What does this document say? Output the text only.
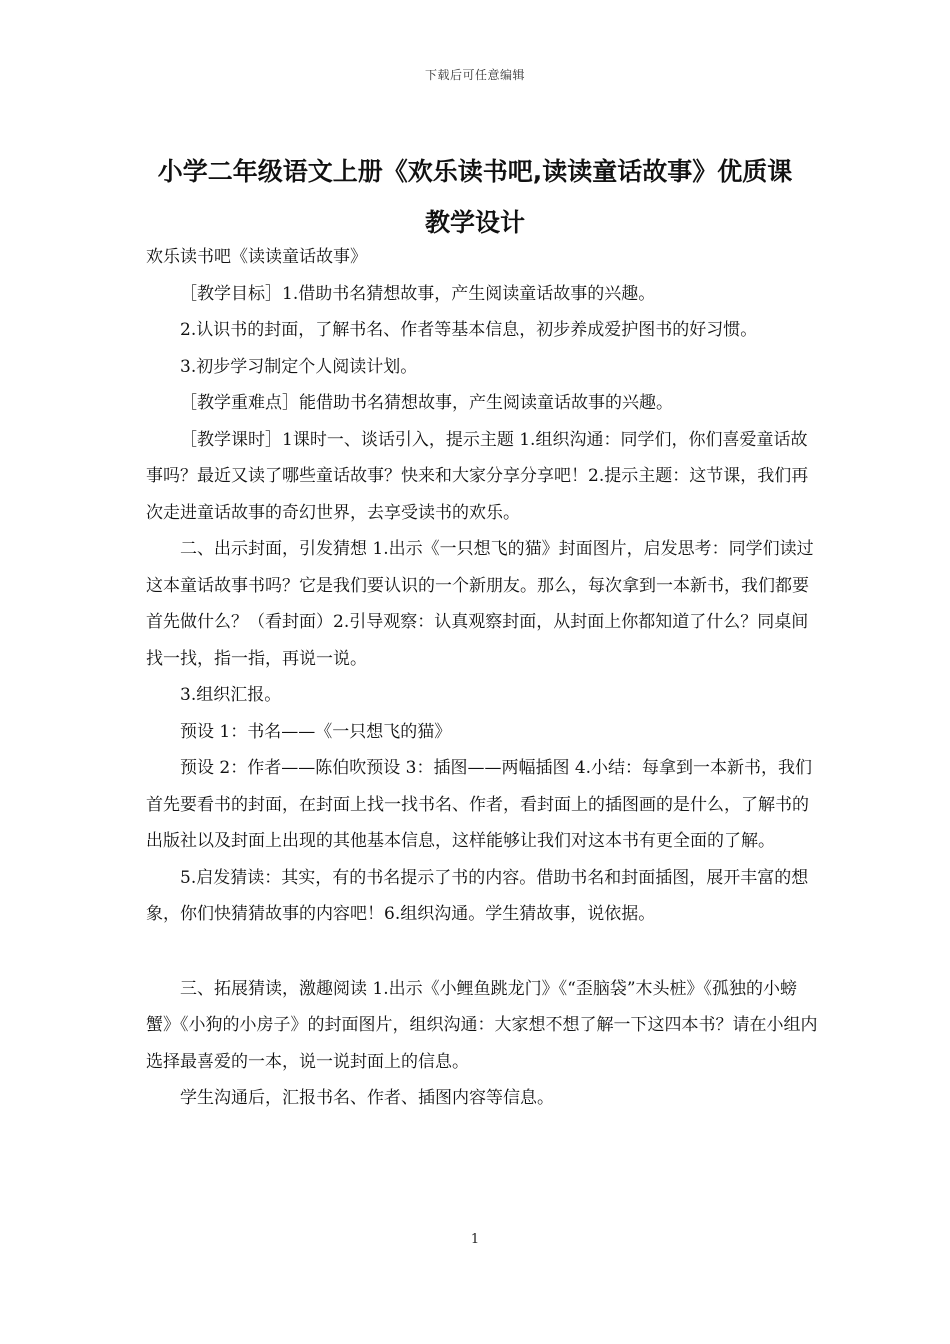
下载后可任意编辑
小学二年级语文上册《欢乐读书吧,读读童话故事》优质课
教学设计

欢乐读书吧《读读童话故事》

［教学目标］1.借助书名猜想故事，产生阅读童话故事的兴趣。

2.认识书的封面，了解书名、作者等基本信息，初步养成爱护图书的好习惯。

3.初步学习制定个人阅读计划。

［教学重难点］能借助书名猜想故事，产生阅读童话故事的兴趣。

［教学课时］1课时一、谈话引入，提示主题 1.组织沟通：同学们，你们喜爱童话故事吗？最近又读了哪些童话故事？快来和大家分享分享吧！2.提示主题：这节课，我们再次走进童话故事的奇幻世界，去享受读书的欢乐。

二、出示封面，引发猜想 1.出示《一只想飞的猫》封面图片，启发思考：同学们读过这本童话故事书吗？它是我们要认识的一个新朋友。那么，每次拿到一本新书，我们都要首先做什么？（看封面）2.引导观察：认真观察封面，从封面上你都知道了什么？同桌间找一找，指一指，再说一说。

3.组织汇报。

预设 1：书名——《一只想飞的猫》

预设 2：作者——陈伯吹预设 3：插图——两幅插图 4.小结：每拿到一本新书，我们首先要看书的封面，在封面上找一找书名、作者，看封面上的插图画的是什么，了解书的出版社以及封面上出现的其他基本信息，这样能够让我们对这本书有更全面的了解。

5.启发猜读：其实，有的书名提示了书的内容。借助书名和封面插图，展开丰富的想象，你们快猜猜故事的内容吧！6.组织沟通。学生猜故事，说依据。

三、拓展猜读，激趣阅读 1.出示《小鲤鱼跳龙门》《“歪脑袋”木头桩》《孤独的小螃蟹》《小狗的小房子》的封面图片，组织沟通：大家想不想了解一下这四本书？请在小组内选择最喜爱的一本，说一说封面上的信息。

学生沟通后，汇报书名、作者、插图内容等信息。

1
